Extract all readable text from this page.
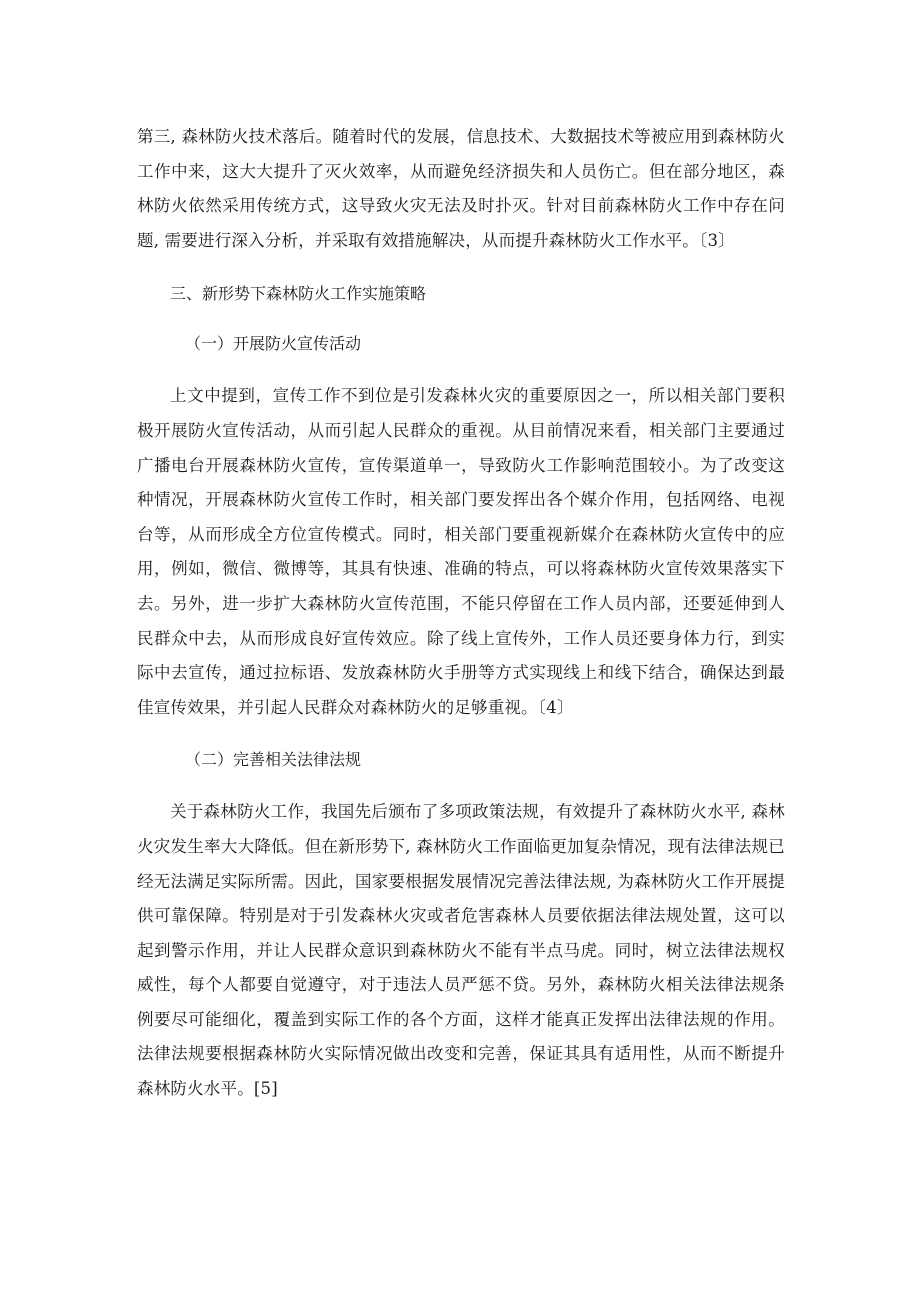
第三, 森林防火技术落后。随着时代的发展，信息技术、大数据技术等被应用到森林防火工作中来，这大大提升了灭火效率，从而避免经济损失和人员伤亡。但在部分地区，森林防火依然采用传统方式，这导致火灾无法及时扑灭。针对目前森林防火工作中存在问题, 需要进行深入分析，并采取有效措施解决，从而提升森林防火工作水平。〔3〕

三、新形势下森林防火工作实施策略

（一）开展防火宣传活动

上文中提到，宣传工作不到位是引发森林火灾的重要原因之一，所以相关部门要积极开展防火宣传活动，从而引起人民群众的重视。从目前情况来看，相关部门主要通过广播电台开展森林防火宣传，宣传渠道单一，导致防火工作影响范围较小。为了改变这种情况，开展森林防火宣传工作时，相关部门要发挥出各个媒介作用，包括网络、电视台等，从而形成全方位宣传模式。同时，相关部门要重视新媒介在森林防火宣传中的应用，例如，微信、微博等，其具有快速、准确的特点，可以将森林防火宣传效果落实下去。另外，进一步扩大森林防火宣传范围，不能只停留在工作人员内部，还要延伸到人民群众中去，从而形成良好宣传效应。除了线上宣传外，工作人员还要身体力行，到实际中去宣传，通过拉标语、发放森林防火手册等方式实现线上和线下结合，确保达到最佳宣传效果，并引起人民群众对森林防火的足够重视。〔4〕

（二）完善相关法律法规

关于森林防火工作，我国先后颁布了多项政策法规，有效提升了森林防火水平, 森林火灾发生率大大降低。但在新形势下, 森林防火工作面临更加复杂情况，现有法律法规已经无法满足实际所需。因此，国家要根据发展情况完善法律法规, 为森林防火工作开展提供可靠保障。特别是对于引发森林火灾或者危害森林人员要依据法律法规处置，这可以起到警示作用，并让人民群众意识到森林防火不能有半点马虎。同时，树立法律法规权威性，每个人都要自觉遵守，对于违法人员严惩不贷。另外，森林防火相关法律法规条例要尽可能细化，覆盖到实际工作的各个方面，这样才能真正发挥出法律法规的作用。法律法规要根据森林防火实际情况做出改变和完善，保证其具有适用性，从而不断提升森林防火水平。[5]
